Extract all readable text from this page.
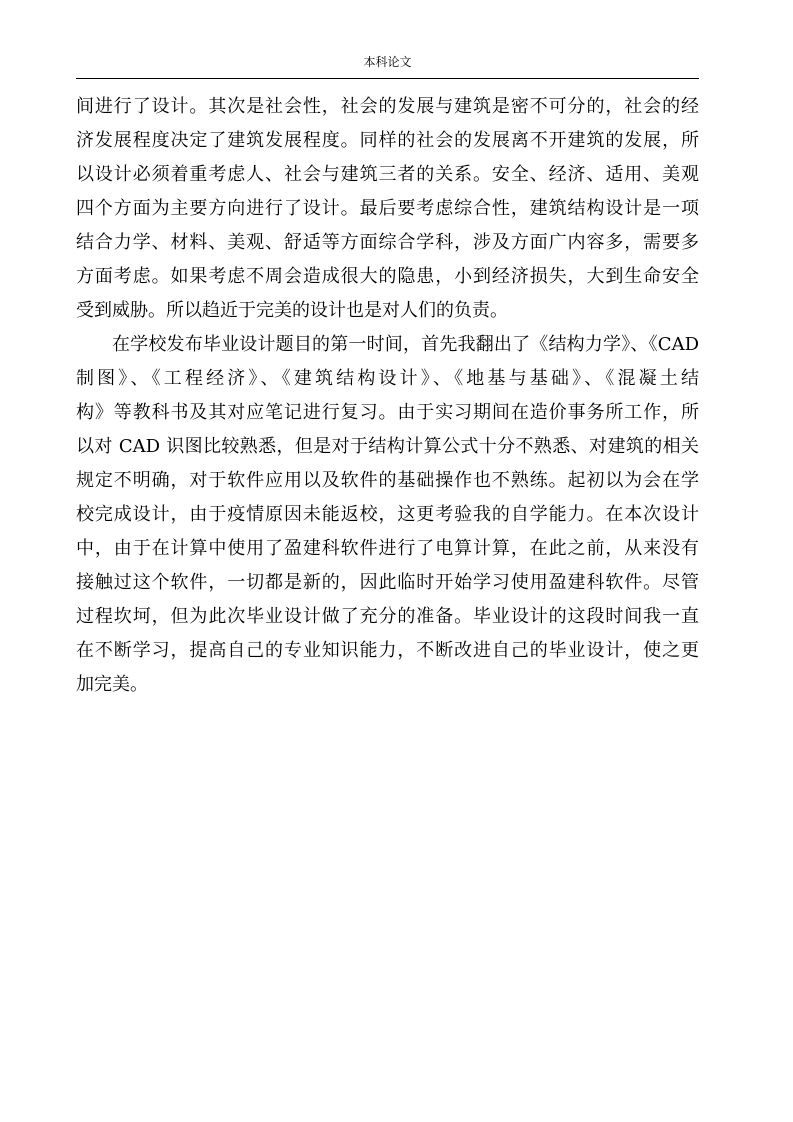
本科论文
间进行了设计。其次是社会性，社会的发展与建筑是密不可分的，社会的经
济发展程度决定了建筑发展程度。同样的社会的发展离不开建筑的发展，所
以设计必须着重考虑人、社会与建筑三者的关系。安全、经济、适用、美观
四个方面为主要方向进行了设计。最后要考虑综合性，建筑结构设计是一项
结合力学、材料、美观、舒适等方面综合学科，涉及方面广内容多，需要多
方面考虑。如果考虑不周会造成很大的隐患，小到经济损失，大到生命安全
受到威胁。所以趋近于完美的设计也是对人们的负责。
在学校发布毕业设计题目的第一时间，首先我翻出了《结构力学》、《CAD
制图》、《工程经济》、《建筑结构设计》、《地基与基础》、《混凝土结
构》等教科书及其对应笔记进行复习。由于实习期间在造价事务所工作，所
以对 CAD 识图比较熟悉，但是对于结构计算公式十分不熟悉、对建筑的相关
规定不明确，对于软件应用以及软件的基础操作也不熟练。起初以为会在学
校完成设计，由于疫情原因未能返校，这更考验我的自学能力。在本次设计
中，由于在计算中使用了盈建科软件进行了电算计算，在此之前，从来没有
接触过这个软件，一切都是新的，因此临时开始学习使用盈建科软件。尽管
过程坎坷，但为此次毕业设计做了充分的准备。毕业设计的这段时间我一直
在不断学习，提高自己的专业知识能力，不断改进自己的毕业设计，使之更
加完美。
